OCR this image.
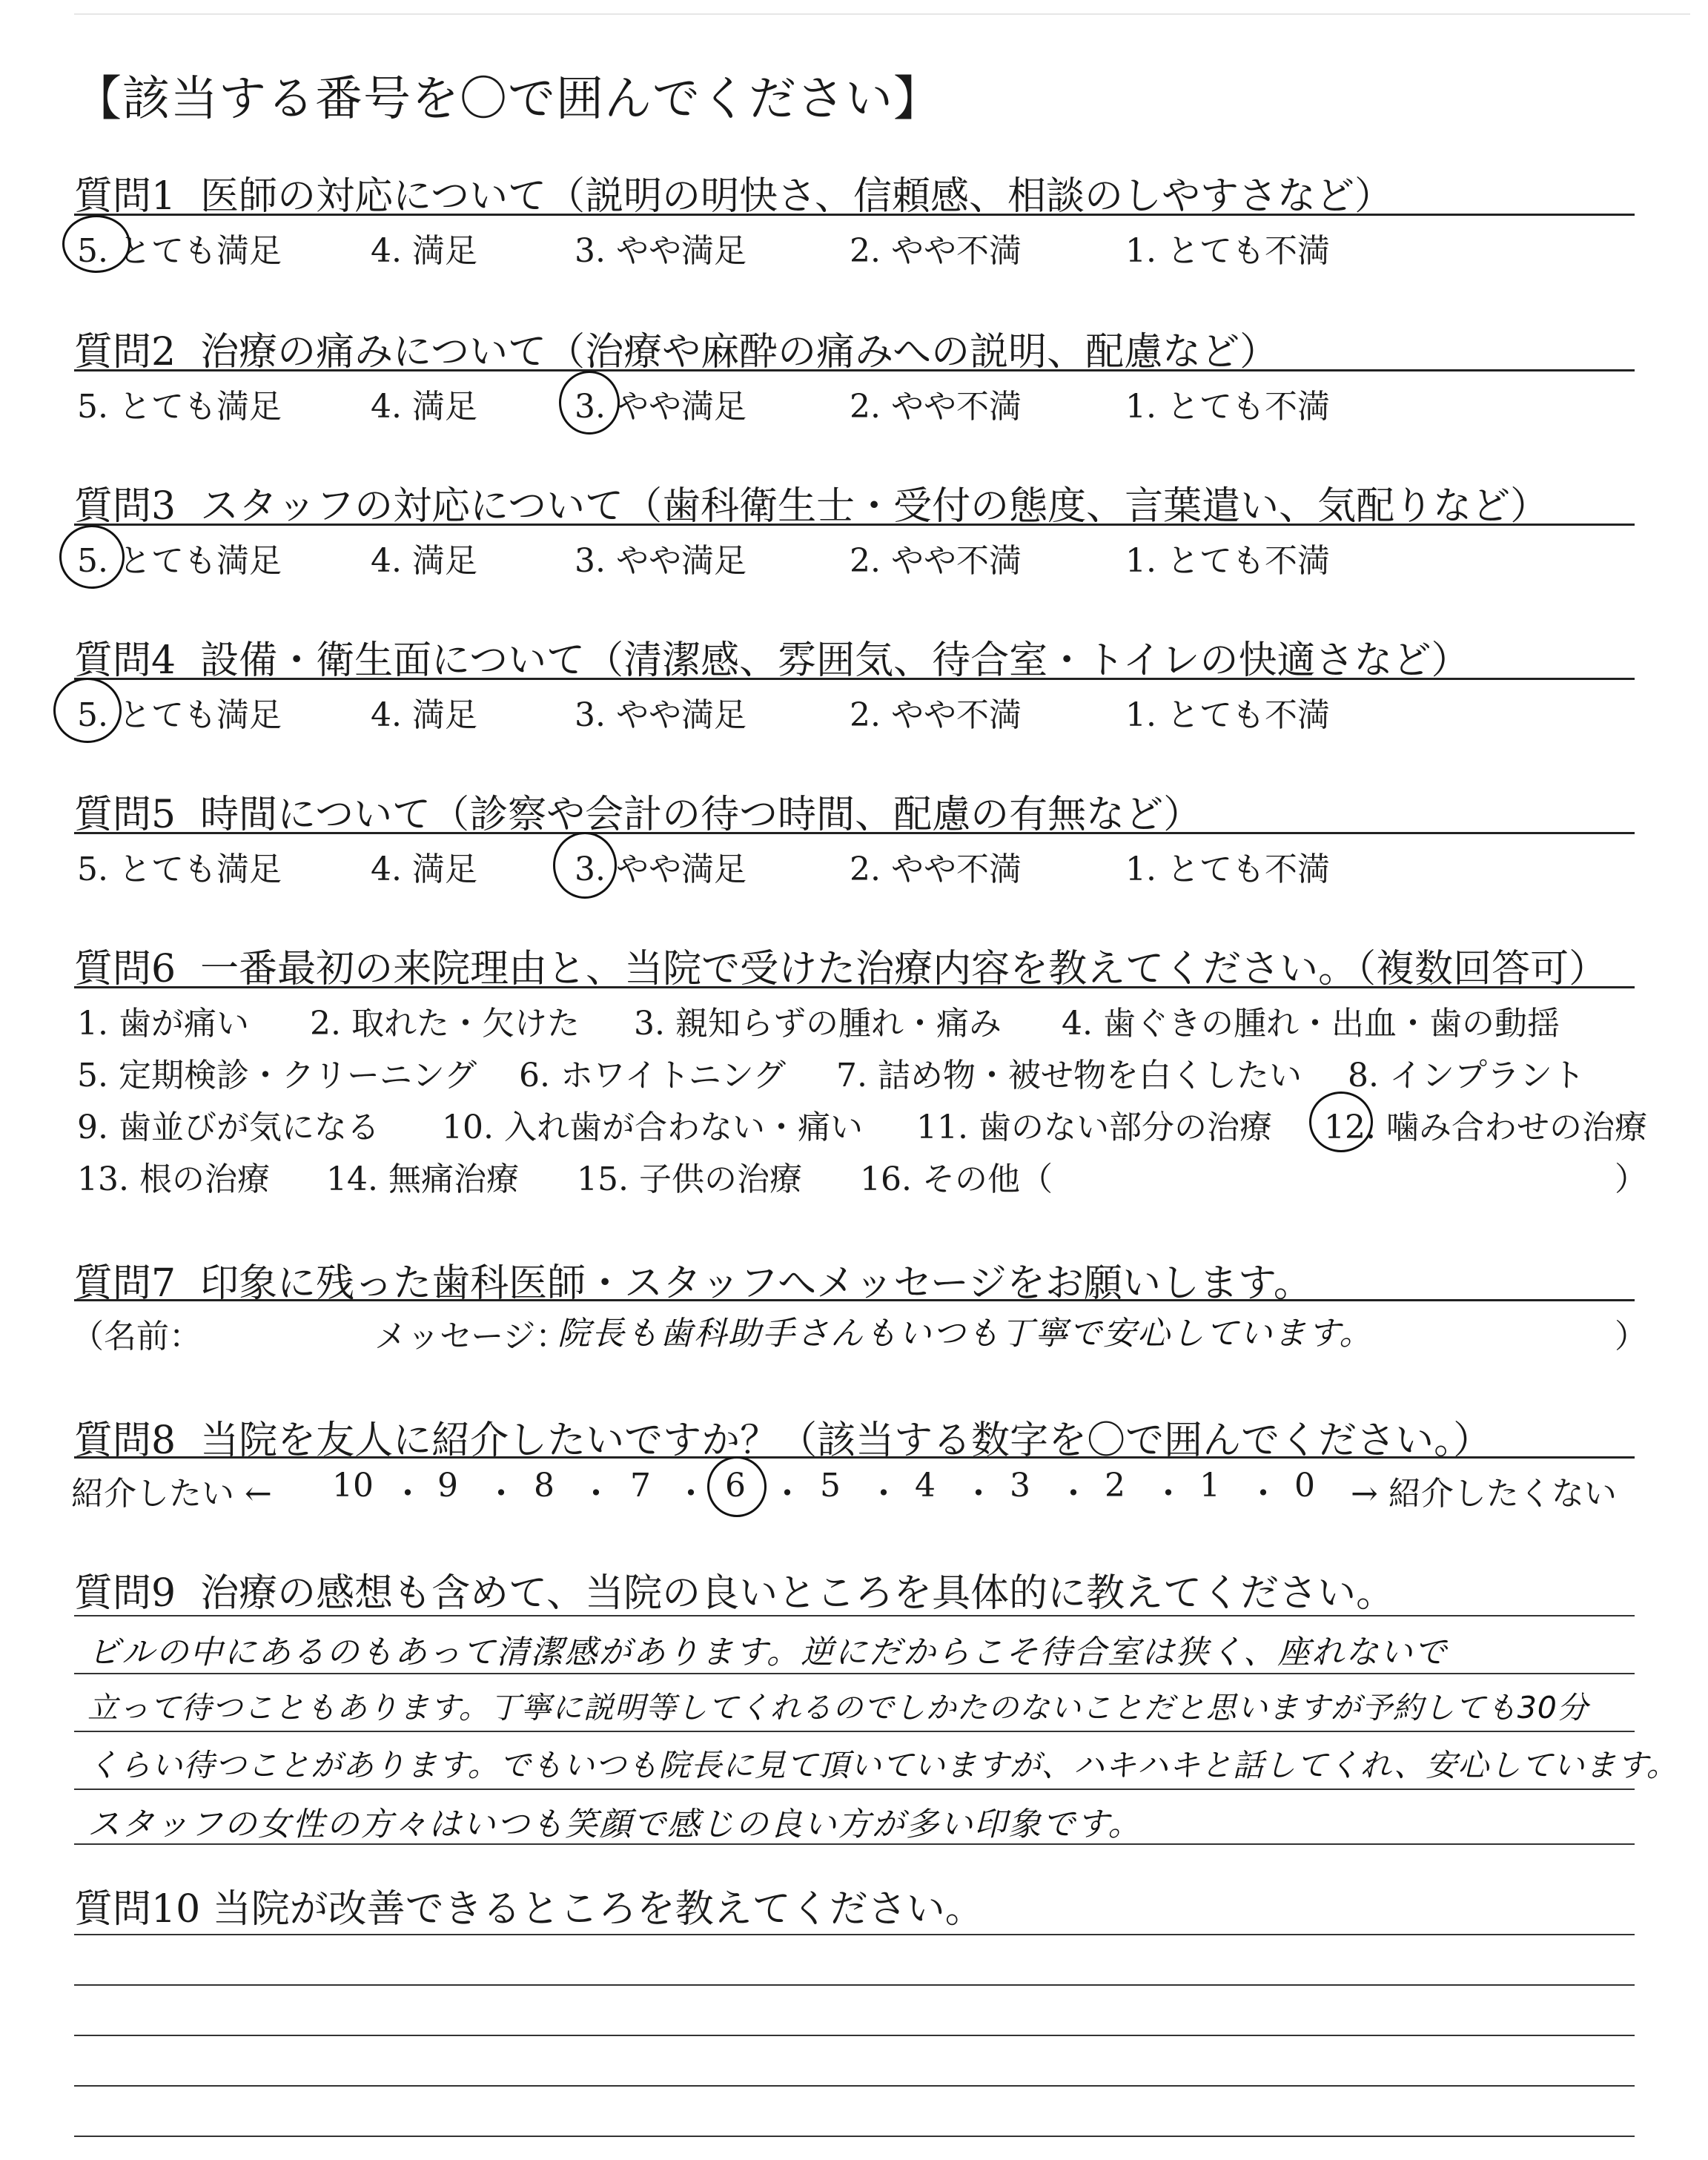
【該当する番号を〇で囲んでください】
質問1 医師の対応について（説明の明快さ、信頼感、相談のしやすさなど）
5. とても満足	4. 満足	3. やや満足	2. やや不満	1. とても不満
質問2 治療の痛みについて（治療や麻酔の痛みへの説明、配慮など）
5. とても満足	4. 満足	3. やや満足	2. やや不満	1. とても不満
質問3 スタッフの対応について（歯科衛生士・受付の態度、言葉遣い、気配りなど）
5. とても満足	4. 満足	3. やや満足	2. やや不満	1. とても不満
質問4 設備・衛生面について（清潔感、雰囲気、待合室・トイレの快適さなど）
5. とても満足	4. 満足	3. やや満足	2. やや不満	1. とても不満
質問5 時間について（診察や会計の待つ時間、配慮の有無など）
5. とても満足	4. 満足	3. やや満足	2. やや不満	1. とても不満
質問6 一番最初の来院理由と、当院で受けた治療内容を教えてください。（複数回答可）
1. 歯が痛い 2. 取れた・欠けた 3. 親知らずの腫れ・痛み 4. 歯ぐきの腫れ・出血・歯の動揺
5. 定期検診・クリーニング 6. ホワイトニング 7. 詰め物・被せ物を白くしたい 8. インプラント
9. 歯並びが気になる 10. 入れ歯が合わない・痛い 11. 歯のない部分の治療 12. 噛み合わせの治療
13. 根の治療 14. 無痛治療 15. 子供の治療 16. その他（	）
質問7 印象に残った歯科医師・スタッフへメッセージをお願いします。
（名前：	メッセージ：
院長も歯科助手さんもいつも丁寧で安心しています。	）
質問8 当院を友人に紹介したいですか？（該当する数字を〇で囲んでください。）
紹介したい ← 10 ・ 9 ・ 8 ・ 7 ・ 6 ・ 5 ・ 4 ・ 3 ・ 2 ・ 1 ・ 0 → 紹介したくない
質問9 治療の感想も含めて、当院の良いところを具体的に教えてください。
ビルの中にあるのもあって清潔感があります。逆にだからこそ待合室は狭く、座れないで
立って待つこともあります。丁寧に説明等してくれるのでしかたのないことだと思いますが予約しても30分
くらい待つことがあります。でもいつも院長に見て頂いていますが、ハキハキと話してくれ、安心しています。
スタッフの女性の方々はいつも笑顔で感じの良い方が多い印象です。
質問10 当院が改善できるところを教えてください。
